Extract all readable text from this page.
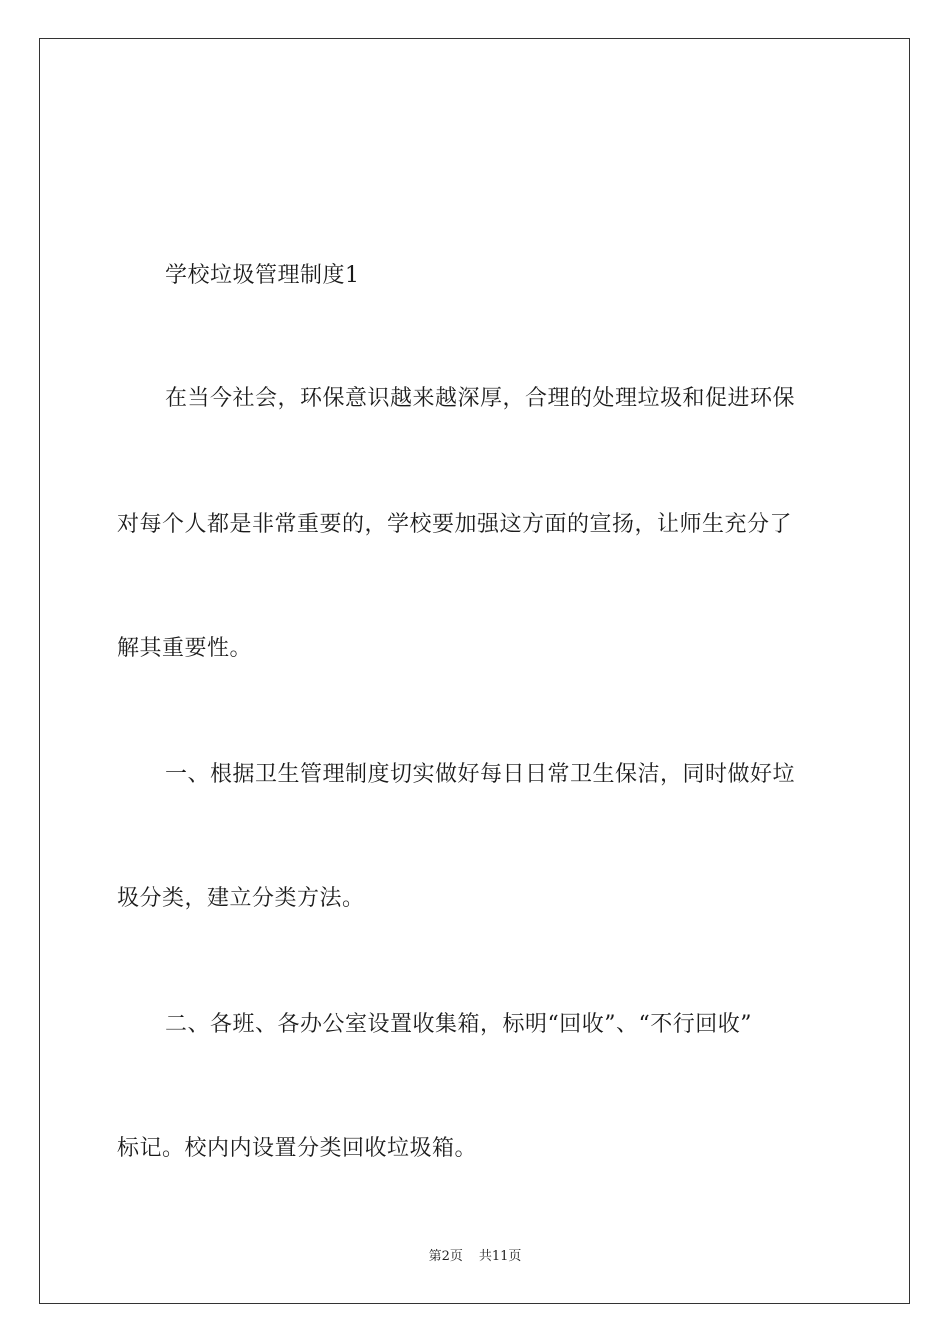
学校垃圾管理制度1
在当今社会，环保意识越来越深厚，合理的处理垃圾和促进环保
对每个人都是非常重要的，学校要加强这方面的宣扬，让师生充分了
解其重要性。
一、根据卫生管理制度切实做好每日日常卫生保洁，同时做好垃
圾分类，建立分类方法。
二、各班、各办公室设置收集箱，标明“回收”、“不行回收”
标记。校内内设置分类回收垃圾箱。
第2页 共11页
